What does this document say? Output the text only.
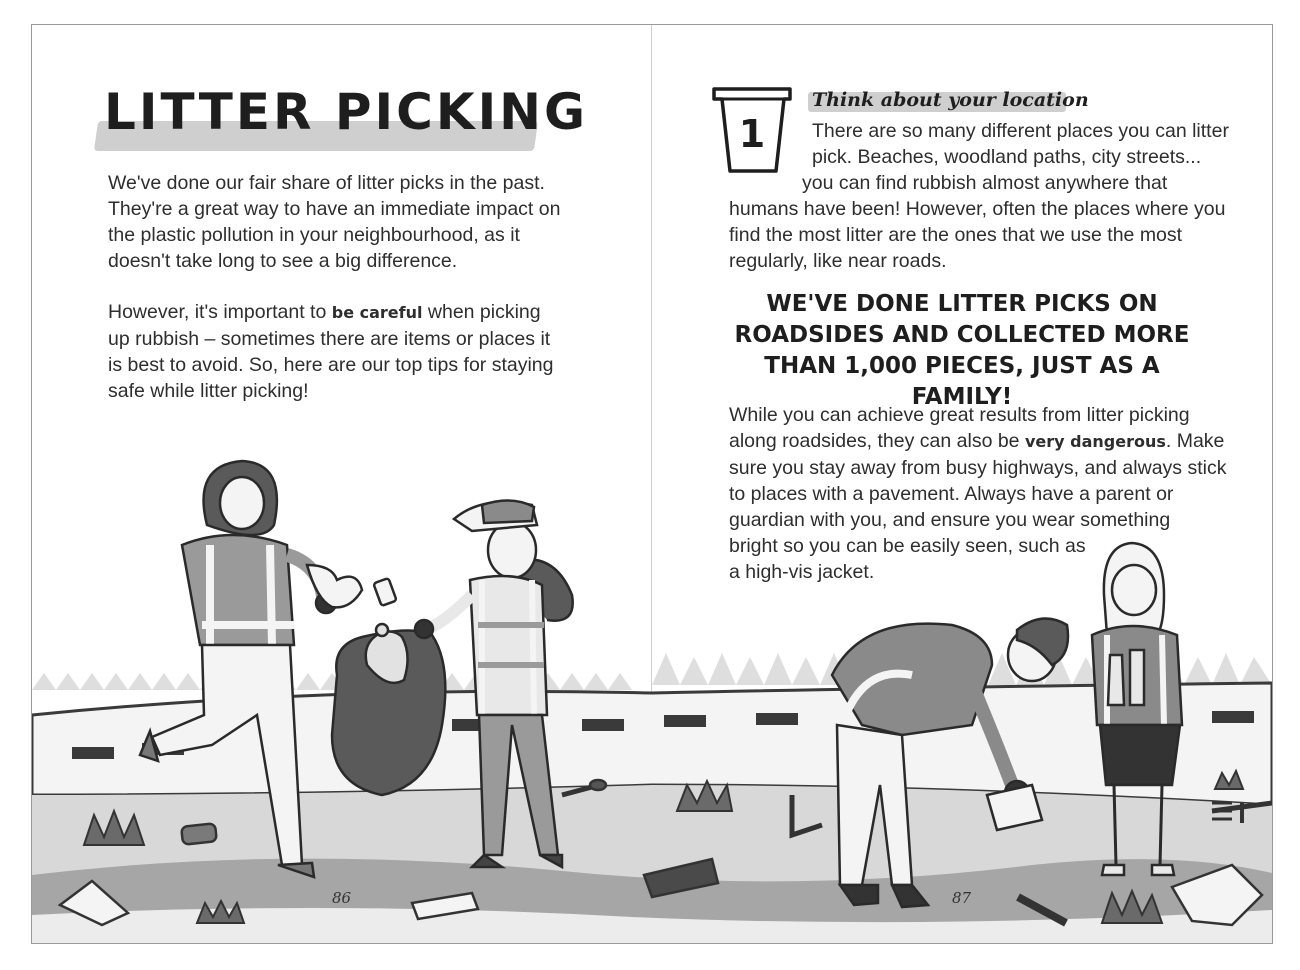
LITTER PICKING
We've done our fair share of litter picks in the past.
They're a great way to have an immediate impact on
the plastic pollution in your neighbourhood, as it
doesn't take long to see a big difference.
However, it's important to be careful when picking
up rubbish – sometimes there are items or places it
is best to avoid. So, here are our top tips for staying
safe while litter picking!
86
1
Think about your location
There are so many different places you can litter
pick. Beaches, woodland paths, city streets...
you can find rubbish almost anywhere that
humans have been! However, often the places where you
find the most litter are the ones that we use the most
regularly, like near roads.
WE'VE DONE LITTER PICKS ON
ROADSIDES AND COLLECTED MORE
THAN 1,000 PIECES, JUST AS A FAMILY!
While you can achieve great results from litter picking
along roadsides, they can also be very dangerous. Make
sure you stay away from busy highways, and always stick
to places with a pavement. Always have a parent or
guardian with you, and ensure you wear something
bright so you can be easily seen, such as
a high-vis jacket.
87
